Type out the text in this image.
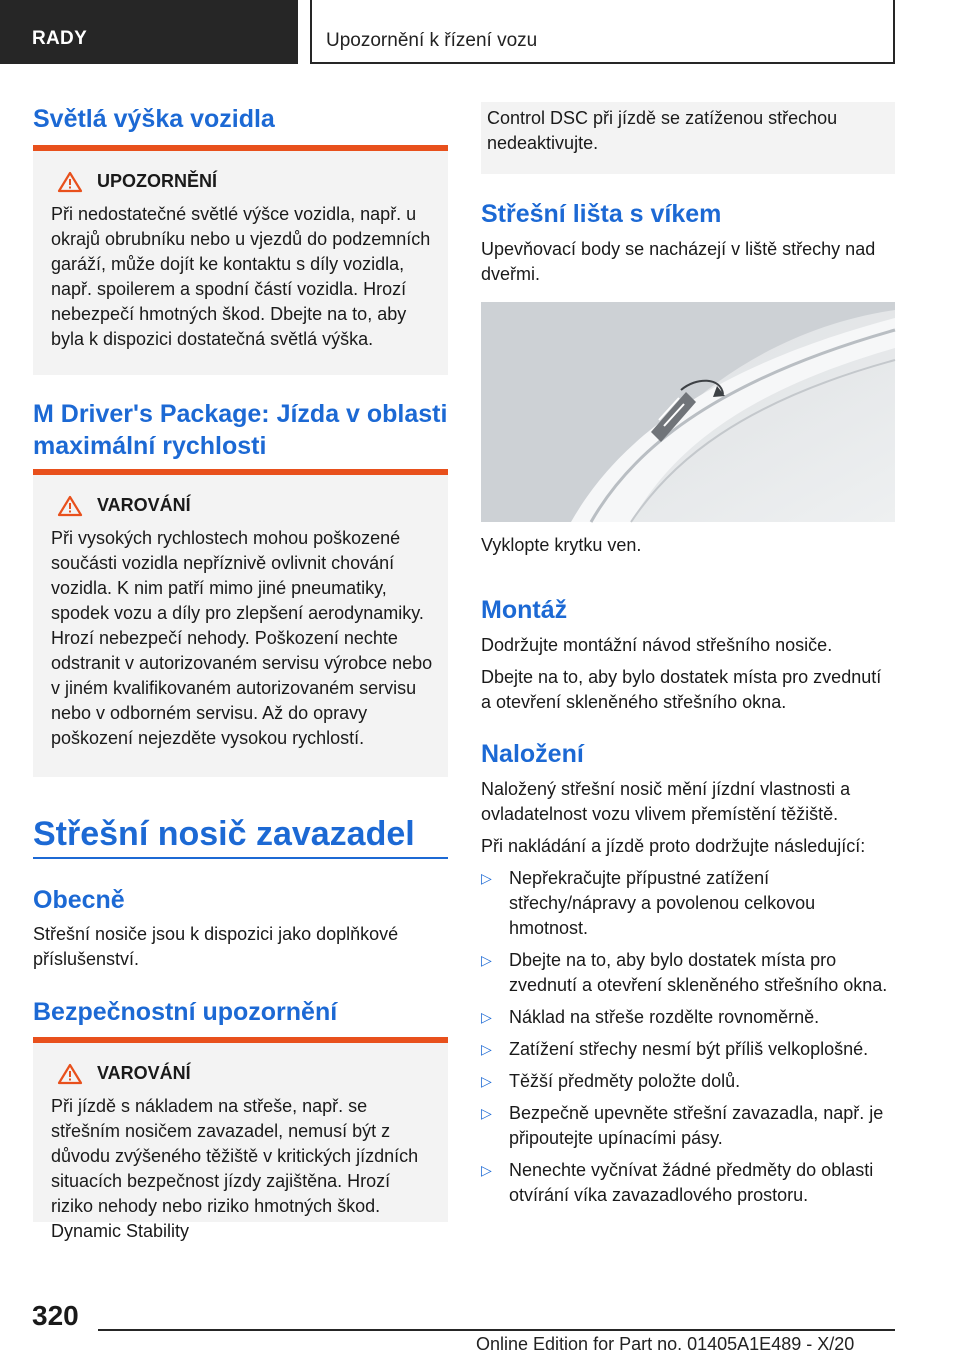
RADY	Upozornění k řízení vozu
Světlá výška vozidla
UPOZORNĚNÍ
Při nedostatečné světlé výšce vozidla, např. u okrajů obrubníku nebo u vjezdů do podzemních garáží, může dojít ke kontaktu s díly vozidla, např. spoilerem a spodní částí vozidla. Hrozí nebezpečí hmotných škod. Dbejte na to, aby byla k dispozici dostatečná světlá výška.
M Driver's Package: Jízda v oblasti maximální rychlosti
VAROVÁNÍ
Při vysokých rychlostech mohou poškozené součásti vozidla nepříznivě ovlivnit chování vozidla. K nim patří mimo jiné pneumatiky, spodek vozu a díly pro zlepšení aerodynamiky. Hrozí nebezpečí nehody. Poškození nechte odstranit v autorizovaném servisu výrobce nebo v jiném kvalifikovaném autorizovaném servisu nebo v odborném servisu. Až do opravy poškození nejezděte vysokou rychlostí.
Střešní nosič zavazadel
Obecně
Střešní nosiče jsou k dispozici jako doplňkové příslušenství.
Bezpečnostní upozornění
VAROVÁNÍ
Při jízdě s nákladem na střeše, např. se střešním nosičem zavazadel, nemusí být z důvodu zvýšeného těžiště v kritických jízdních situacích bezpečnost jízdy zajištěna. Hrozí riziko nehody nebo riziko hmotných škod. Dynamic Stability
Control DSC při jízdě se zatíženou střechou nedeaktivujte.
Střešní lišta s víkem
Upevňovací body se nacházejí v liště střechy nad dveřmi.
Vyklopte krytku ven.
Montáž
Dodržujte montážní návod střešního nosiče.
Dbejte na to, aby bylo dostatek místa pro zvednutí a otevření skleněného střešního okna.
Naložení
Naložený střešní nosič mění jízdní vlastnosti a ovladatelnost vozu vlivem přemístění těžiště.
Při nakládání a jízdě proto dodržujte následující:
▷ Nepřekračujte přípustné zatížení střechy/nápravy a povolenou celkovou hmotnost.
▷ Dbejte na to, aby bylo dostatek místa pro zvednutí a otevření skleněného střešního okna.
▷ Náklad na střeše rozdělte rovnoměrně.
▷ Zatížení střechy nesmí být příliš velkoplošné.
▷ Těžší předměty položte dolů.
▷ Bezpečně upevněte střešní zavazadla, např. je připoutejte upínacími pásy.
▷ Nenechte vyčnívat žádné předměty do oblasti otvírání víka zavazadlového prostoru.
320
Online Edition for Part no. 01405A1E489 - X/20
